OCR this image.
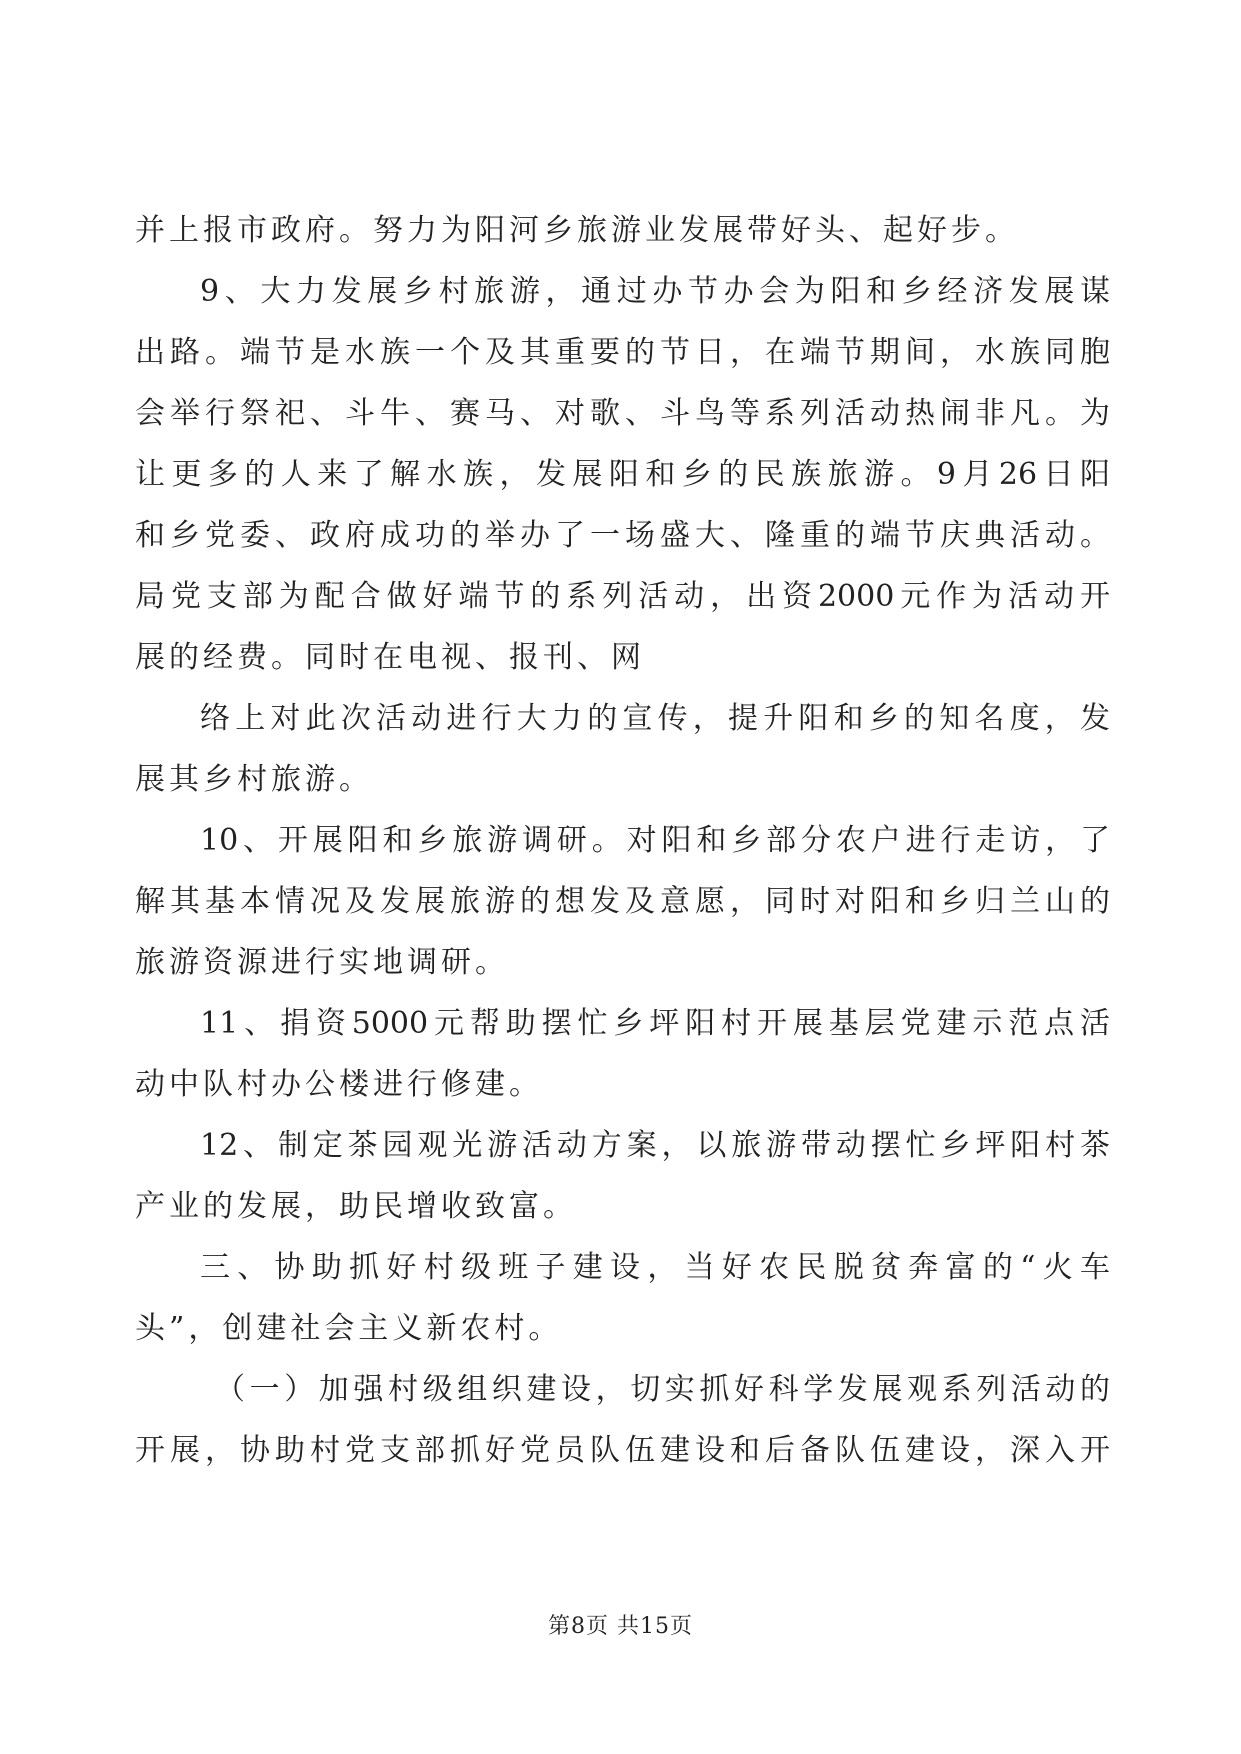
并上报市政府。努力为阳河乡旅游业发展带好头、起好步。
9、大力发展乡村旅游，通过办节办会为阳和乡经济发展谋
出路。端节是水族一个及其重要的节日，在端节期间，水族同胞
会举行祭祀、斗牛、赛马、对歌、斗鸟等系列活动热闹非凡。为
让更多的人来了解水族，发展阳和乡的民族旅游。9月26日阳
和乡党委、政府成功的举办了一场盛大、隆重的端节庆典活动。
局党支部为配合做好端节的系列活动，出资2000元作为活动开
展的经费。同时在电视、报刊、网
络上对此次活动进行大力的宣传，提升阳和乡的知名度，发
展其乡村旅游。
10、开展阳和乡旅游调研。对阳和乡部分农户进行走访，了
解其基本情况及发展旅游的想发及意愿，同时对阳和乡归兰山的
旅游资源进行实地调研。
11、捐资5000元帮助摆忙乡坪阳村开展基层党建示范点活
动中队村办公楼进行修建。
12、制定茶园观光游活动方案，以旅游带动摆忙乡坪阳村茶
产业的发展，助民增收致富。
三、协助抓好村级班子建设，当好农民脱贫奔富的“火车
头”，创建社会主义新农村。
（一）加强村级组织建设，切实抓好科学发展观系列活动的
开展，协助村党支部抓好党员队伍建设和后备队伍建设，深入开
第8页 共15页
